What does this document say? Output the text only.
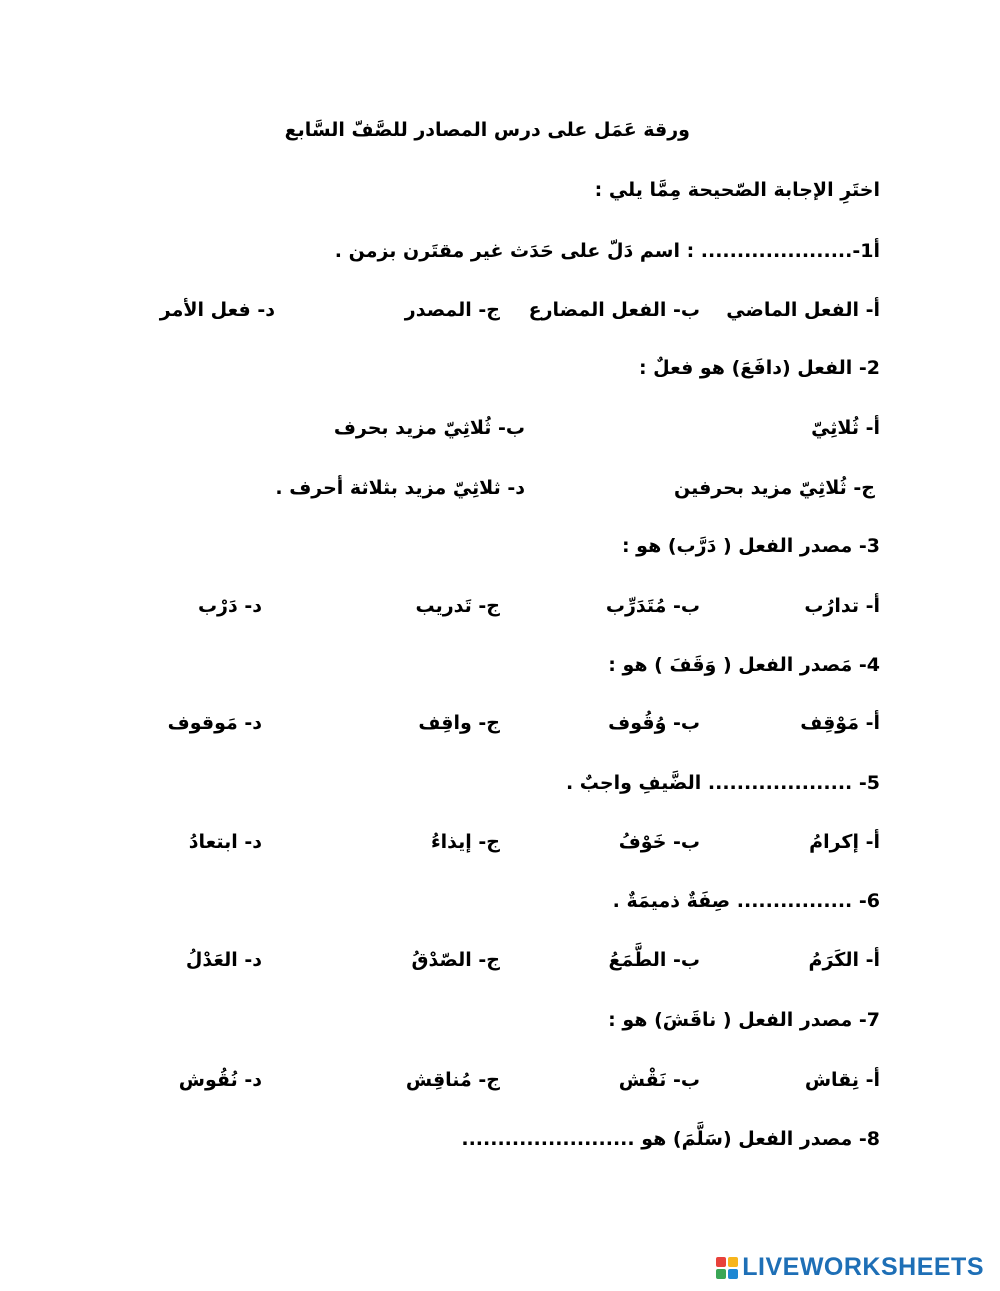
ورقة عَمَل على درس المصادر للصَّفّ السَّابع
اختَرِ الإجابة الصّحيحة مِمَّا يلي :
أ1-..................... : اسم دَلّ على حَدَث غير مقتَرن بزمن .
أ- الفعل الماضي
ب- الفعل المضارع
ج- المصدر
د- فعل الأمر
2- الفعل (دافَعَ) هو فعلٌ :
أ- ثُلاثِيّ
ب- ثُلاثِيّ مزيد بحرف
ج- ثُلاثِيّ مزيد بحرفين
د- ثلاثِيّ مزيد بثلاثة أحرف .
3- مصدر الفعل ( دَرَّب) هو :
أ- تدارُب
ب- مُتَدَرِّب
ج- تَدريب
د- دَرْب
4- مَصدر الفعل ( وَقَفَ ) هو :
أ- مَوْقِف
ب- وُقُوف
ج- واقِف
د- مَوقوف
5- .................... الضَّيفِ واجبٌ .
أ- إكرامُ
ب- خَوْفُ
ج- إيذاءُ
د- ابتعادُ
6- ................ صِفَةٌ ذميمَةٌ .
أ- الكَرَمُ
ب- الطَّمَعُ
ج- الصّدْقُ
د- العَدْلُ
7- مصدر الفعل ( ناقَشَ) هو :
أ- نِقاش
ب- نَقْش
ج- مُناقِش
د- نُقُوش
8- مصدر الفعل (سَلَّمَ) هو ........................
LIVEWORKSHEETS
